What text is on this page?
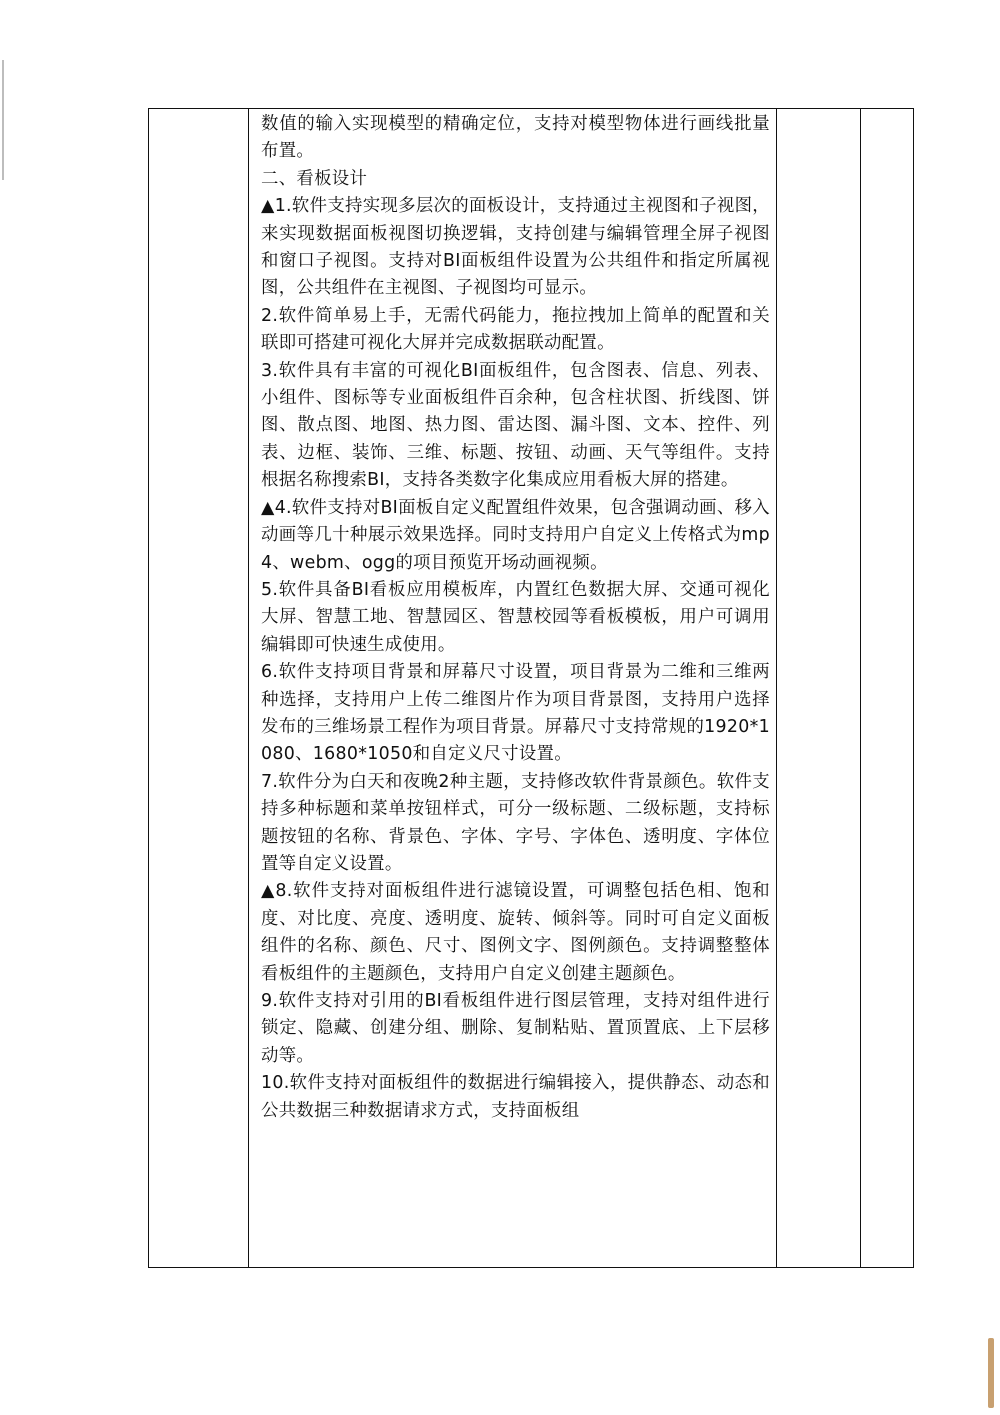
数值的输入实现模型的精确定位，支持对模型物体进行画线批量布置。

二、看板设计

▲1.软件支持实现多层次的面板设计，支持通过主视图和子视图，来实现数据面板视图切换逻辑，支持创建与编辑管理全屏子视图和窗口子视图。支持对BI面板组件设置为公共组件和指定所属视图，公共组件在主视图、子视图均可显示。

2.软件简单易上手，无需代码能力，拖拉拽加上简单的配置和关联即可搭建可视化大屏并完成数据联动配置。

3.软件具有丰富的可视化BI面板组件，包含图表、信息、列表、小组件、图标等专业面板组件百余种，包含柱状图、折线图、饼图、散点图、地图、热力图、雷达图、漏斗图、文本、控件、列表、边框、装饰、三维、标题、按钮、动画、天气等组件。支持根据名称搜索BI，支持各类数字化集成应用看板大屏的搭建。

▲4.软件支持对BI面板自定义配置组件效果，包含强调动画、移入动画等几十种展示效果选择。同时支持用户自定义上传格式为mp4、webm、ogg的项目预览开场动画视频。

5.软件具备BI看板应用模板库，内置红色数据大屏、交通可视化大屏、智慧工地、智慧园区、智慧校园等看板模板，用户可调用编辑即可快速生成使用。

6.软件支持项目背景和屏幕尺寸设置，项目背景为二维和三维两种选择，支持用户上传二维图片作为项目背景图，支持用户选择发布的三维场景工程作为项目背景。屏幕尺寸支持常规的1920*1080、1680*1050和自定义尺寸设置。

7.软件分为白天和夜晚2种主题，支持修改软件背景颜色。软件支持多种标题和菜单按钮样式，可分一级标题、二级标题，支持标题按钮的名称、背景色、字体、字号、字体色、透明度、字体位置等自定义设置。

▲8.软件支持对面板组件进行滤镜设置，可调整包括色相、饱和度、对比度、亮度、透明度、旋转、倾斜等。同时可自定义面板组件的名称、颜色、尺寸、图例文字、图例颜色。支持调整整体看板组件的主题颜色，支持用户自定义创建主题颜色。

9.软件支持对引用的BI看板组件进行图层管理，支持对组件进行锁定、隐藏、创建分组、删除、复制粘贴、置顶置底、上下层移动等。

10.软件支持对面板组件的数据进行编辑接入，提供静态、动态和公共数据三种数据请求方式，支持面板组
